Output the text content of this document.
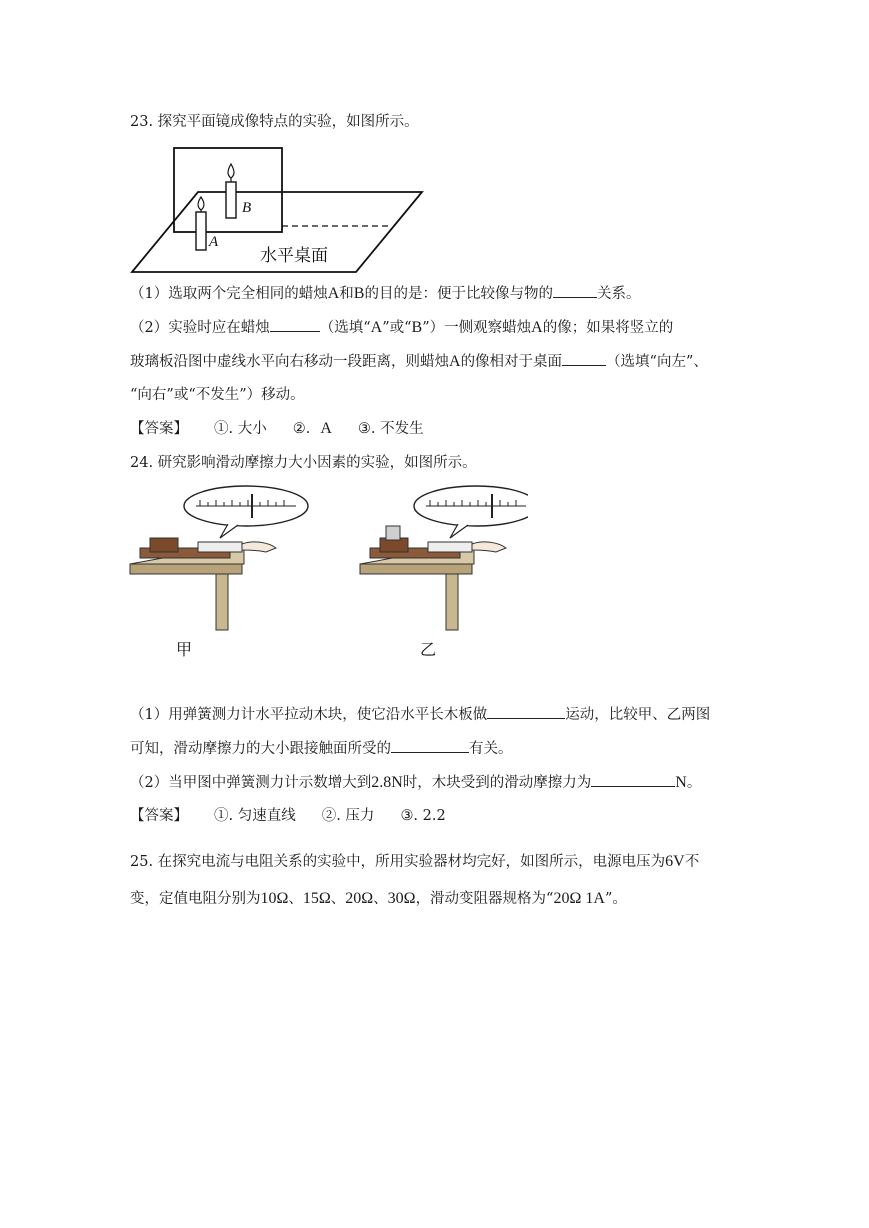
23. 探究平面镜成像特点的实验，如图所示。
A
B
水平桌面
（1）选取两个完全相同的蜡烛A和B的目的是：便于比较像与物的	关系。
（2）实验时应在蜡烛	（选填“A”或“B”）一侧观察蜡烛A的像；如果将竖立的
玻璃板沿图中虚线水平向右移动一段距离，则蜡烛A的像相对于桌面	（选填“向左”、
“向右”或“不发生”）移动。
【答案】 ①. 大小 ②. A ③. 不发生
24. 研究影响滑动摩擦力大小因素的实验，如图所示。
甲	乙
（1）用弹簧测力计水平拉动木块，使它沿水平长木板做	运动，比较甲、乙两图
可知，滑动摩擦力的大小跟接触面所受的	有关。
（2）当甲图中弹簧测力计示数增大到2.8N时，木块受到的滑动摩擦力为	N。
【答案】 ①. 匀速直线 ②. 压力 ③. 2.2
25. 在探究电流与电阻关系的实验中，所用实验器材均完好，如图所示，电源电压为6V不
变，定值电阻分别为10Ω、15Ω、20Ω、30Ω，滑动变阻器规格为“20Ω 1A”。
